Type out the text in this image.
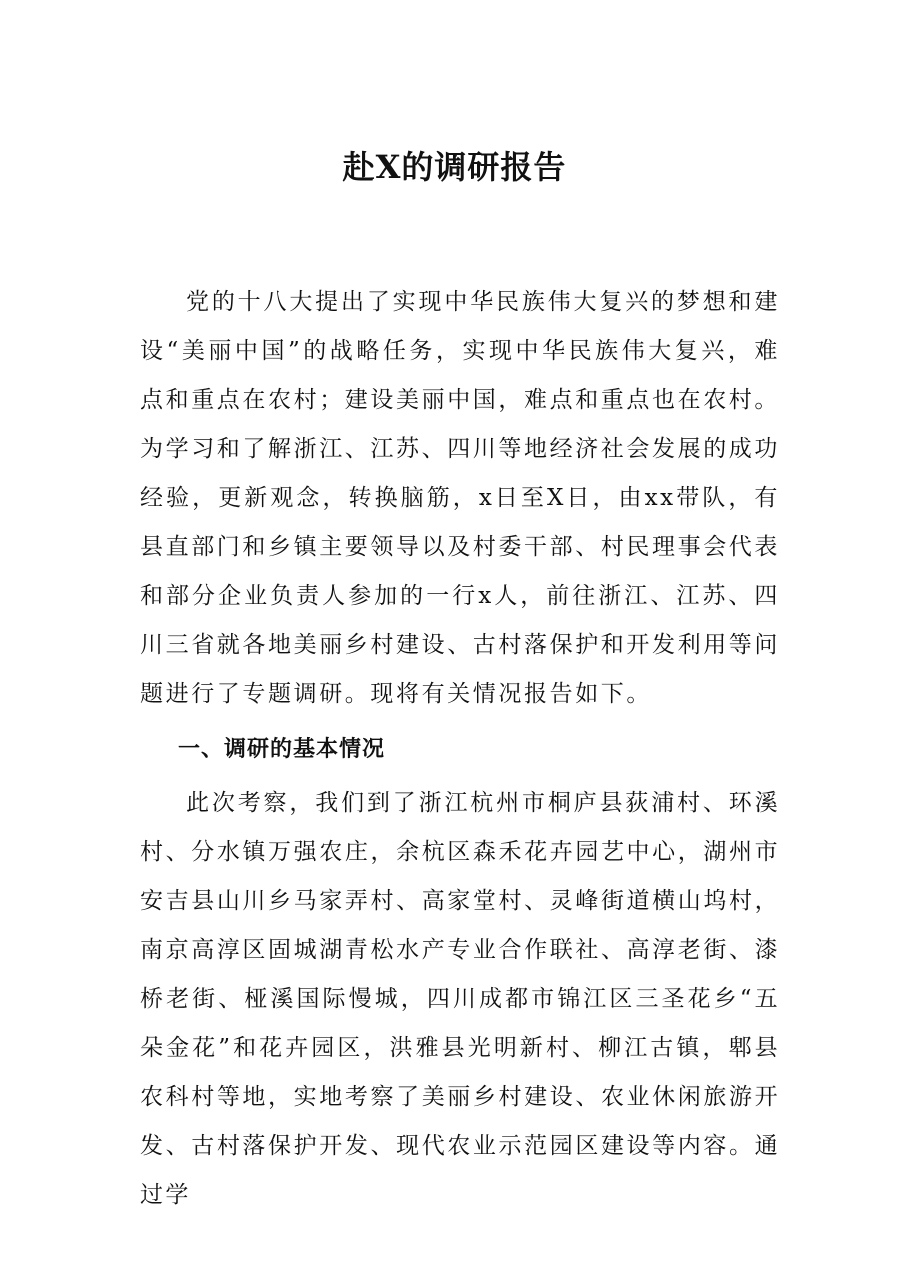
赴X的调研报告

党的十八大提出了实现中华民族伟大复兴的梦想和建设“美丽中国”的战略任务，实现中华民族伟大复兴，难点和重点在农村；建设美丽中国，难点和重点也在农村。为学习和了解浙江、江苏、四川等地经济社会发展的成功经验，更新观念，转换脑筋，x日至X日，由xx带队，有县直部门和乡镇主要领导以及村委干部、村民理事会代表和部分企业负责人参加的一行x人，前往浙江、江苏、四川三省就各地美丽乡村建设、古村落保护和开发利用等问题进行了专题调研。现将有关情况报告如下。

一、调研的基本情况

此次考察，我们到了浙江杭州市桐庐县荻浦村、环溪村、分水镇万强农庄，余杭区森禾花卉园艺中心，湖州市安吉县山川乡马家弄村、高家堂村、灵峰街道横山坞村，南京高淳区固城湖青松水产专业合作联社、高淳老街、漆桥老街、桠溪国际慢城，四川成都市锦江区三圣花乡“五朵金花”和花卉园区，洪雅县光明新村、柳江古镇，郫县农科村等地，实地考察了美丽乡村建设、农业休闲旅游开发、古村落保护开发、现代农业示范园区建设等内容。通过学
